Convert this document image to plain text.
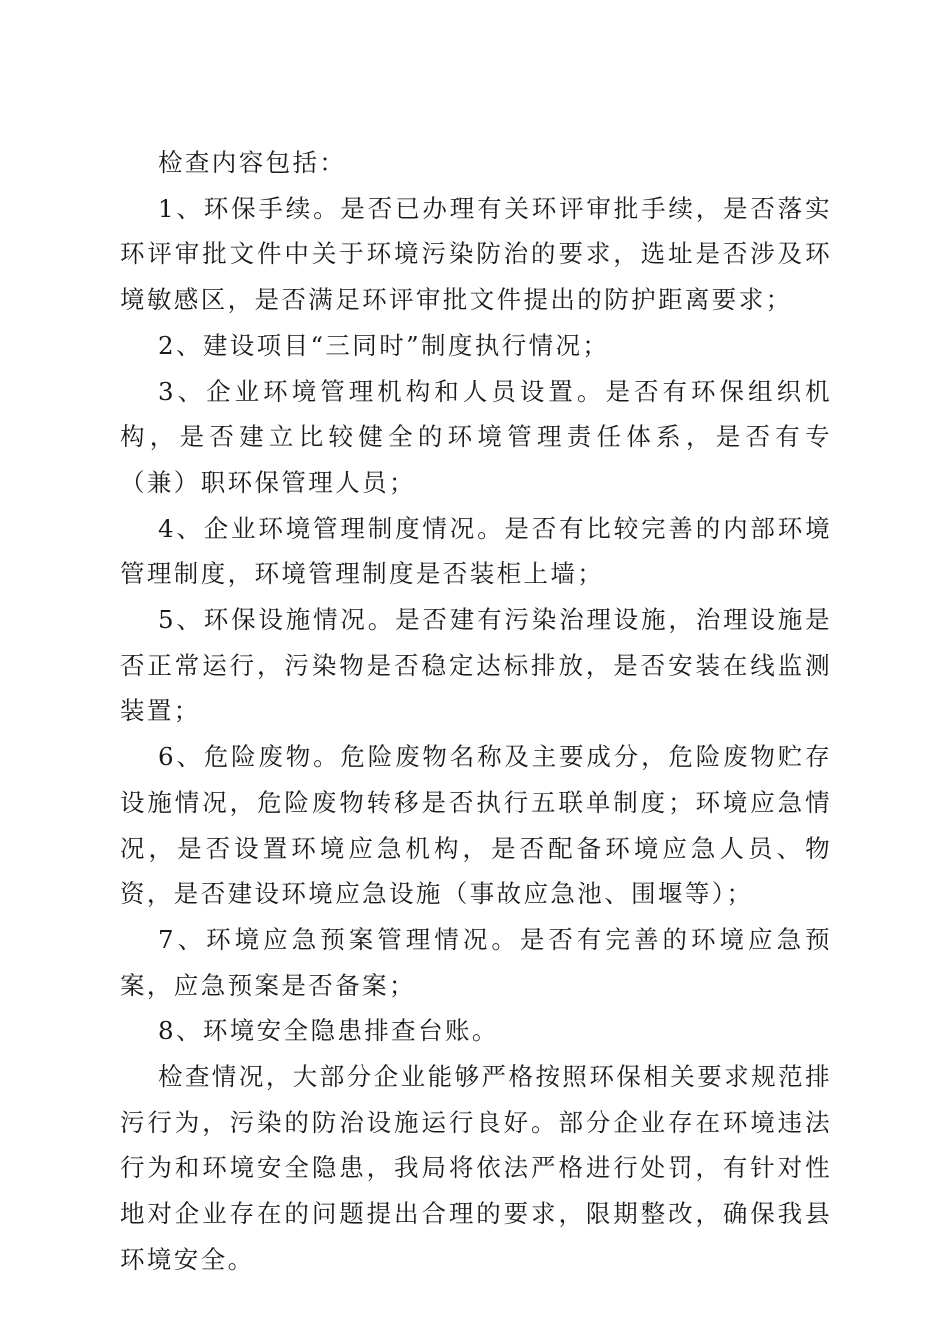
检查内容包括：

1、环保手续。是否已办理有关环评审批手续，是否落实环评审批文件中关于环境污染防治的要求，选址是否涉及环境敏感区，是否满足环评审批文件提出的防护距离要求；

2、建设项目“三同时”制度执行情况；

3、企业环境管理机构和人员设置。是否有环保组织机构，是否建立比较健全的环境管理责任体系，是否有专（兼）职环保管理人员；

4、企业环境管理制度情况。是否有比较完善的内部环境管理制度，环境管理制度是否装柜上墙；

5、环保设施情况。是否建有污染治理设施，治理设施是否正常运行，污染物是否稳定达标排放，是否安装在线监测装置；

6、危险废物。危险废物名称及主要成分，危险废物贮存设施情况，危险废物转移是否执行五联单制度；环境应急情况，是否设置环境应急机构，是否配备环境应急人员、物资，是否建设环境应急设施（事故应急池、围堰等）；

7、环境应急预案管理情况。是否有完善的环境应急预案，应急预案是否备案；

8、环境安全隐患排查台账。

检查情况，大部分企业能够严格按照环保相关要求规范排污行为，污染的防治设施运行良好。部分企业存在环境违法行为和环境安全隐患，我局将依法严格进行处罚，有针对性地对企业存在的问题提出合理的要求，限期整改，确保我县环境安全。
